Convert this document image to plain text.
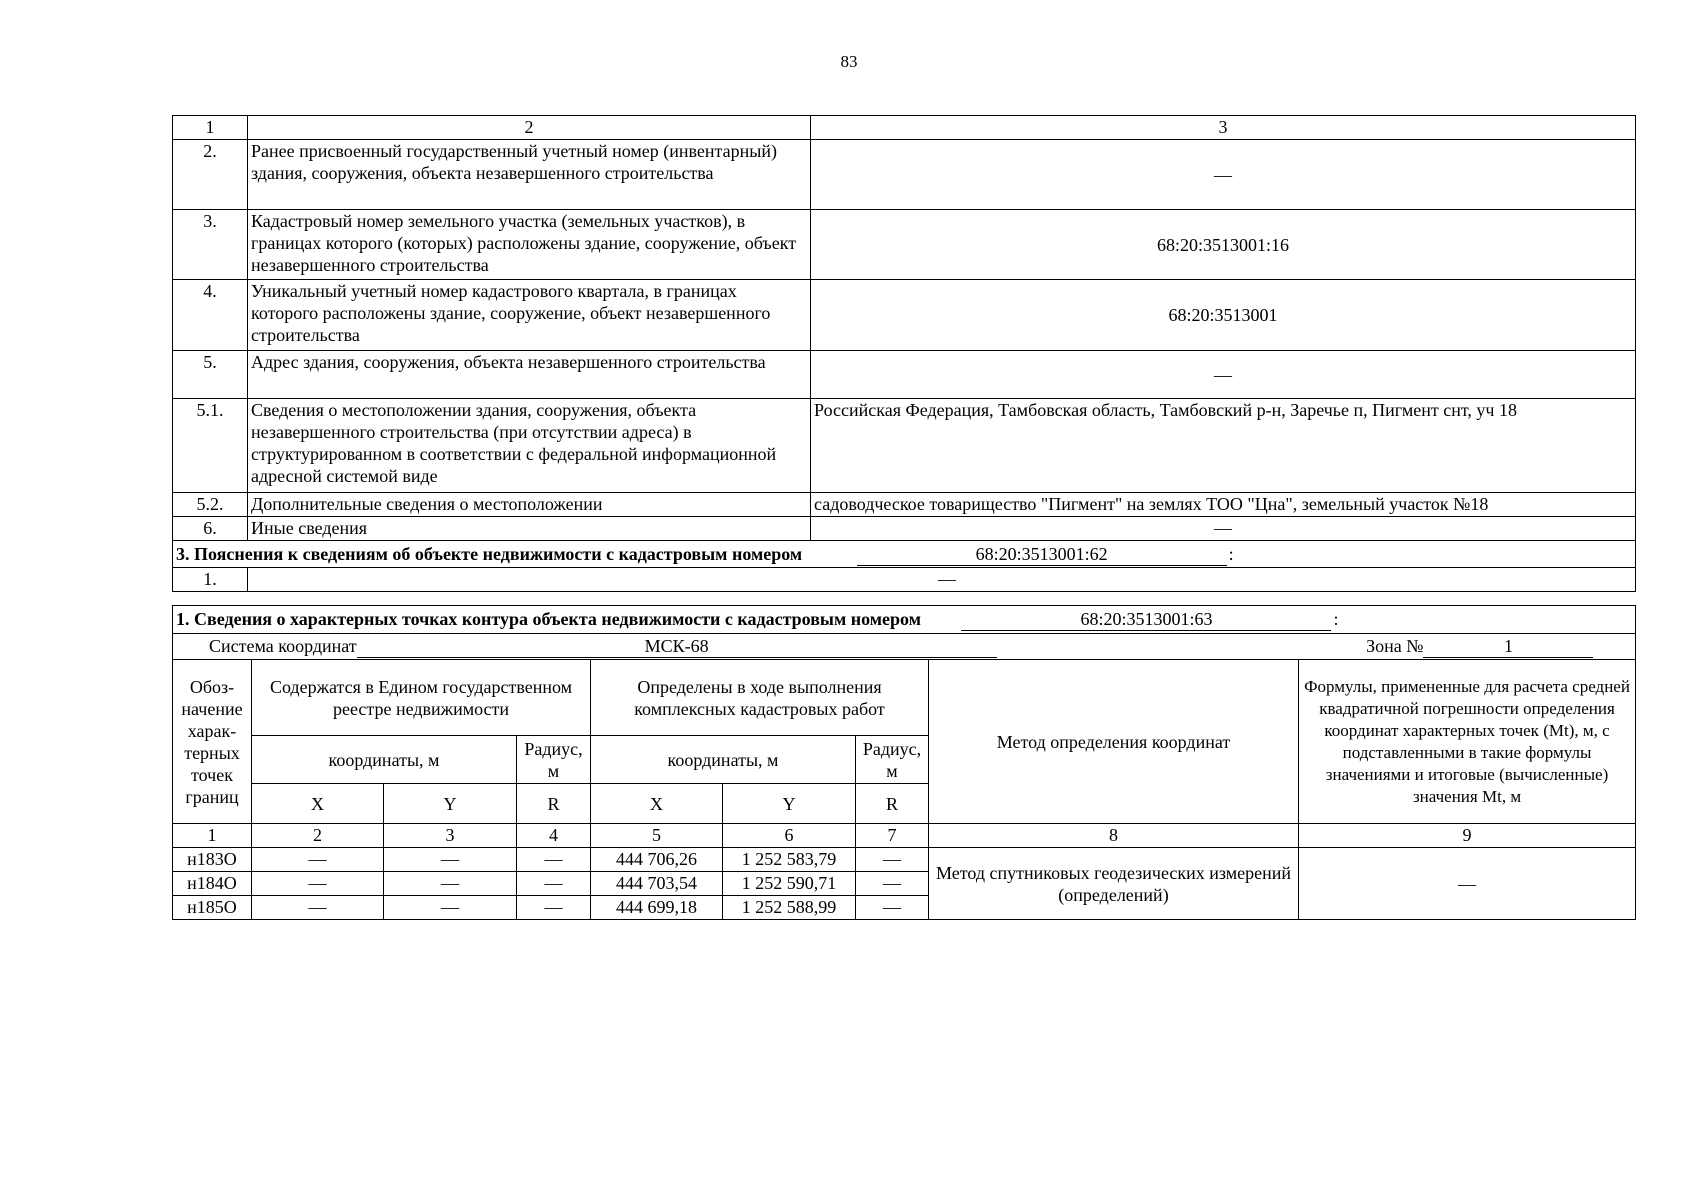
83
1	2	3
2.	Ранее присвоенный государственный учетный номер (инвентарный) здания, сооружения, объекта незавершенного строительства	—
3.	Кадастровый номер земельного участка (земельных участков), в границах которого (которых) расположены здание, сооружение, объект незавершенного строительства	68:20:3513001:16
4.	Уникальный учетный номер кадастрового квартала, в границах которого расположены здание, сооружение, объект незавершенного строительства	68:20:3513001
5.	Адрес здания, сооружения, объекта незавершенного строительства	—
5.1.	Сведения о местоположении здания, сооружения, объекта незавершенного строительства (при отсутствии адреса) в структурированном в соответствии с федеральной информационной адресной системой виде	Российская Федерация, Тамбовская область, Тамбовский р-н, Заречье п, Пигмент снт, уч 18
5.2.	Дополнительные сведения о местоположении	садоводческое товарищество "Пигмент" на землях ТОО "Цна", земельный участок №18
6.	Иные сведения	—
3. Пояснения к сведениям об объекте недвижимости с кадастровым номером 68:20:3513001:62 :		
1.	—	
1. Сведения о характерных точках контура объекта недвижимости с кадастровым номером 68:20:3513001:63 :								
Система координат МСК-68 Зона № 1								
Обоз-начение харак-терных точек границ	Содержатся в Едином государственном реестре недвижимости			Определены в ходе выполнения комплексных кадастровых работ			Метод определения координат	Формулы, примененные для расчета средней квадратичной погрешности определения координат характерных точек (Mt), м, с подставленными в такие формулы значениями и итоговые (вычисленные) значения Mt, м
	координаты, м		Радиус, м	координаты, м		Радиус, м		
	X	Y	R	X	Y	R		
1	2	3	4	5	6	7	8	9
н183О	—	—	—	444 706,26	1 252 583,79	—	Метод спутниковых геодезических измерений (определений)	—
н184О	—	—	—	444 703,54	1 252 590,71	—		
н185О	—	—	—	444 699,18	1 252 588,99	—		
